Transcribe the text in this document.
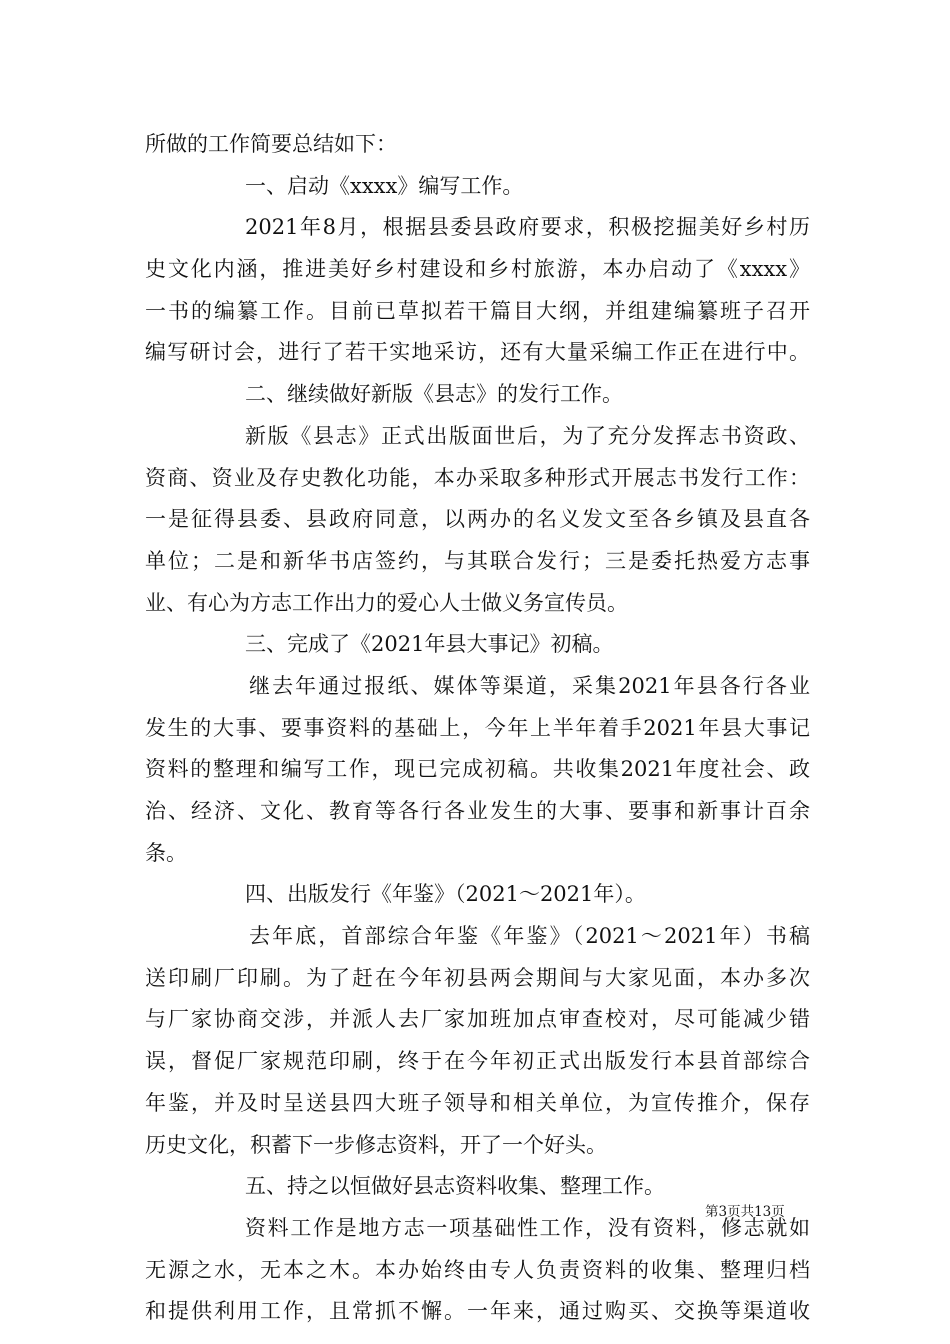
所做的工作简要总结如下：
一、启动《xxxx》编写工作。
2021年8月，根据县委县政府要求，积极挖掘美好乡村历
史文化内涵，推进美好乡村建设和乡村旅游，本办启动了《xxxx》
一书的编纂工作。目前已草拟若干篇目大纲，并组建编纂班子召开
编写研讨会，进行了若干实地采访，还有大量采编工作正在进行中。
二、继续做好新版《县志》的发行工作。
新版《县志》正式出版面世后，为了充分发挥志书资政、
资商、资业及存史教化功能，本办采取多种形式开展志书发行工作：
一是征得县委、县政府同意，以两办的名义发文至各乡镇及县直各
单位；二是和新华书店签约，与其联合发行；三是委托热爱方志事
业、有心为方志工作出力的爱心人士做义务宣传员。
三、完成了《2021年县大事记》初稿。
继去年通过报纸、媒体等渠道，采集2021年县各行各业
发生的大事、要事资料的基础上，今年上半年着手2021年县大事记
资料的整理和编写工作，现已完成初稿。共收集2021年度社会、政
治、经济、文化、教育等各行各业发生的大事、要事和新事计百余
条。
四、出版发行《年鉴》（2021～2021年）。
去年底，首部综合年鉴《年鉴》（2021～2021年）书稿
送印刷厂印刷。为了赶在今年初县两会期间与大家见面，本办多次
与厂家协商交涉，并派人去厂家加班加点审查校对，尽可能减少错
误，督促厂家规范印刷，终于在今年初正式出版发行本县首部综合
年鉴，并及时呈送县四大班子领导和相关单位，为宣传推介，保存
历史文化，积蓄下一步修志资料，开了一个好头。
五、持之以恒做好县志资料收集、整理工作。
资料工作是地方志一项基础性工作，没有资料，修志就如
无源之水，无本之木。本办始终由专人负责资料的收集、整理归档
和提供利用工作，且常抓不懈。一年来，通过购买、交换等渠道收
第3页共13页
